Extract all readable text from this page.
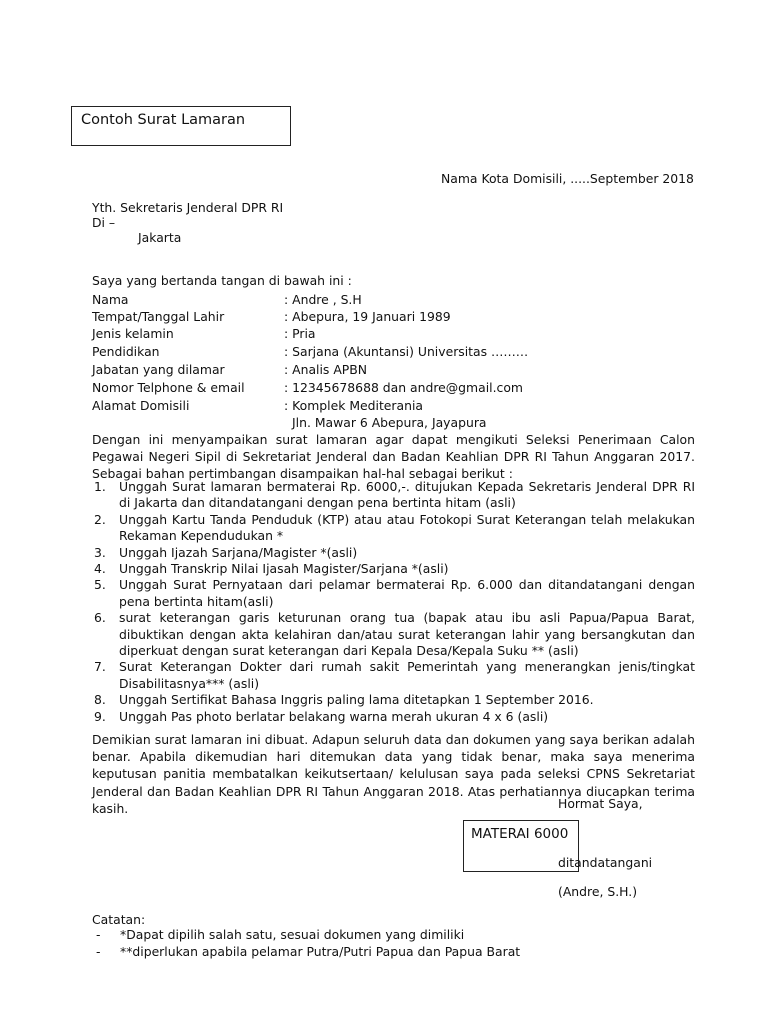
Contoh Surat Lamaran
Nama Kota Domisili, .....September 2018
Yth. Sekretaris Jenderal DPR RI
Di –
Jakarta
Saya yang bertanda tangan di bawah ini :
Nama	: Andre , S.H
Tempat/Tanggal Lahir	: Abepura, 19 Januari 1989
Jenis kelamin	: Pria
Pendidikan	: Sarjana (Akuntansi) Universitas ………
Jabatan yang dilamar	: Analis APBN
Nomor Telphone & email	: 12345678688 dan andre@gmail.com
Alamat Domisili	: Komplek Mediterania
Jln. Mawar 6 Abepura, Jayapura
Dengan ini menyampaikan surat lamaran agar dapat mengikuti Seleksi Penerimaan Calon Pegawai Negeri Sipil di Sekretariat Jenderal dan Badan Keahlian DPR RI Tahun Anggaran 2017. Sebagai bahan pertimbangan disampaikan hal-hal sebagai berikut :
1. Unggah Surat lamaran bermaterai Rp. 6000,-. ditujukan Kepada Sekretaris Jenderal DPR RI di Jakarta dan ditandatangani dengan pena bertinta hitam (asli)
2. Unggah Kartu Tanda Penduduk (KTP) atau atau Fotokopi Surat Keterangan telah melakukan Rekaman Kependudukan *
3. Unggah Ijazah Sarjana/Magister *(asli)
4. Unggah Transkrip Nilai Ijasah Magister/Sarjana *(asli)
5. Unggah Surat Pernyataan dari pelamar bermaterai Rp. 6.000 dan ditandatangani dengan pena bertinta hitam(asli)
6. surat keterangan garis keturunan orang tua (bapak atau ibu asli Papua/Papua Barat, dibuktikan dengan akta kelahiran dan/atau surat keterangan lahir yang bersangkutan dan diperkuat dengan surat keterangan dari Kepala Desa/Kepala Suku ** (asli)
7. Surat Keterangan Dokter dari rumah sakit Pemerintah yang menerangkan jenis/tingkat Disabilitasnya*** (asli)
8. Unggah Sertifikat Bahasa Inggris paling lama ditetapkan 1 September 2016.
9. Unggah Pas photo berlatar belakang warna merah ukuran 4 x 6 (asli)
Demikian surat lamaran ini dibuat. Adapun seluruh data dan dokumen yang saya berikan adalah benar. Apabila dikemudian hari ditemukan data yang tidak benar, maka saya menerima keputusan panitia membatalkan keikutsertaan/ kelulusan saya pada seleksi CPNS Sekretariat Jenderal dan Badan Keahlian DPR RI Tahun Anggaran 2018. Atas perhatiannya diucapkan terima kasih.	Hormat Saya,
MATERAI 6000
ditandatangani
(Andre, S.H.)
Catatan:
- *Dapat dipilih salah satu, sesuai dokumen yang dimiliki
- **diperlukan apabila pelamar Putra/Putri Papua dan Papua Barat
